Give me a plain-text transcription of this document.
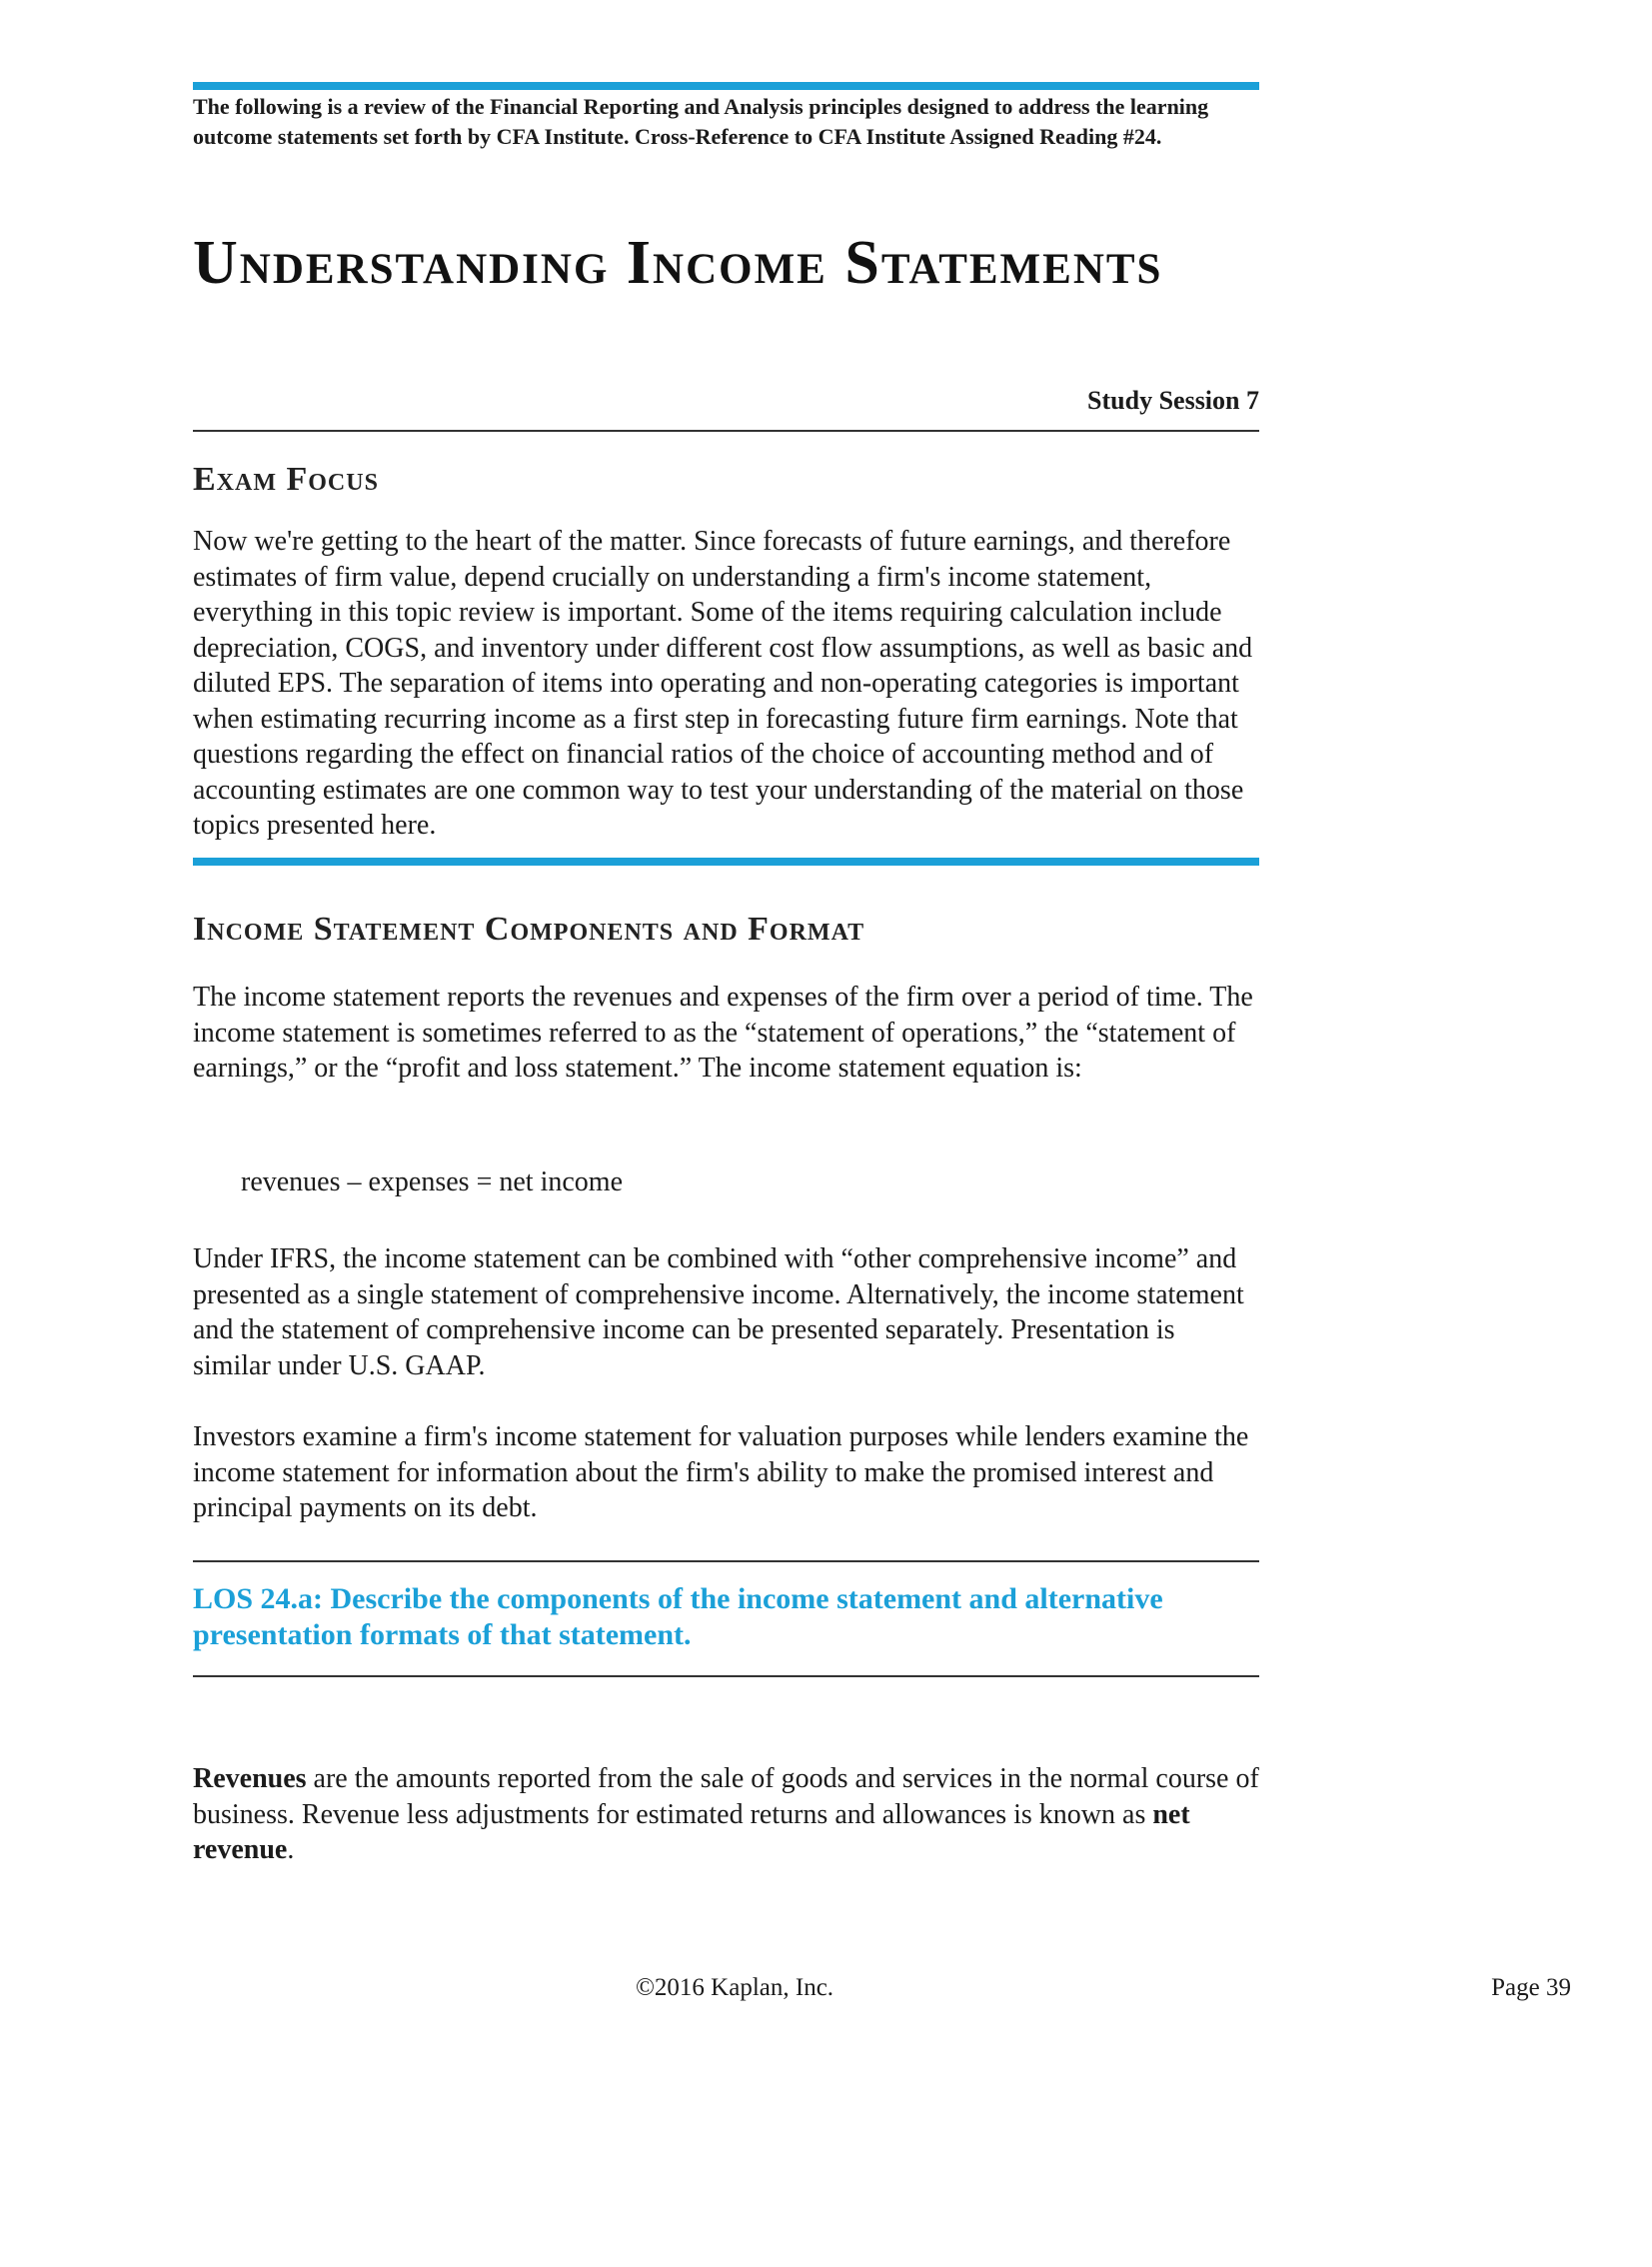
The following is a review of the Financial Reporting and Analysis principles designed to address the learning outcome statements set forth by CFA Institute. Cross-Reference to CFA Institute Assigned Reading #24.
Understanding Income Statements
Study Session 7
Exam Focus
Now we're getting to the heart of the matter. Since forecasts of future earnings, and therefore estimates of firm value, depend crucially on understanding a firm's income statement, everything in this topic review is important. Some of the items requiring calculation include depreciation, COGS, and inventory under different cost flow assumptions, as well as basic and diluted EPS. The separation of items into operating and non-operating categories is important when estimating recurring income as a first step in forecasting future firm earnings. Note that questions regarding the effect on financial ratios of the choice of accounting method and of accounting estimates are one common way to test your understanding of the material on those topics presented here.
Income Statement Components and Format
The income statement reports the revenues and expenses of the firm over a period of time. The income statement is sometimes referred to as the “statement of operations,” the “statement of earnings,” or the “profit and loss statement.” The income statement equation is:
revenues – expenses = net income
Under IFRS, the income statement can be combined with “other comprehensive income” and presented as a single statement of comprehensive income. Alternatively, the income statement and the statement of comprehensive income can be presented separately. Presentation is similar under U.S. GAAP.
Investors examine a firm's income statement for valuation purposes while lenders examine the income statement for information about the firm's ability to make the promised interest and principal payments on its debt.
LOS 24.a: Describe the components of the income statement and alternative presentation formats of that statement.
Revenues are the amounts reported from the sale of goods and services in the normal course of business. Revenue less adjustments for estimated returns and allowances is known as net revenue.
©2016 Kaplan, Inc.	Page 39
